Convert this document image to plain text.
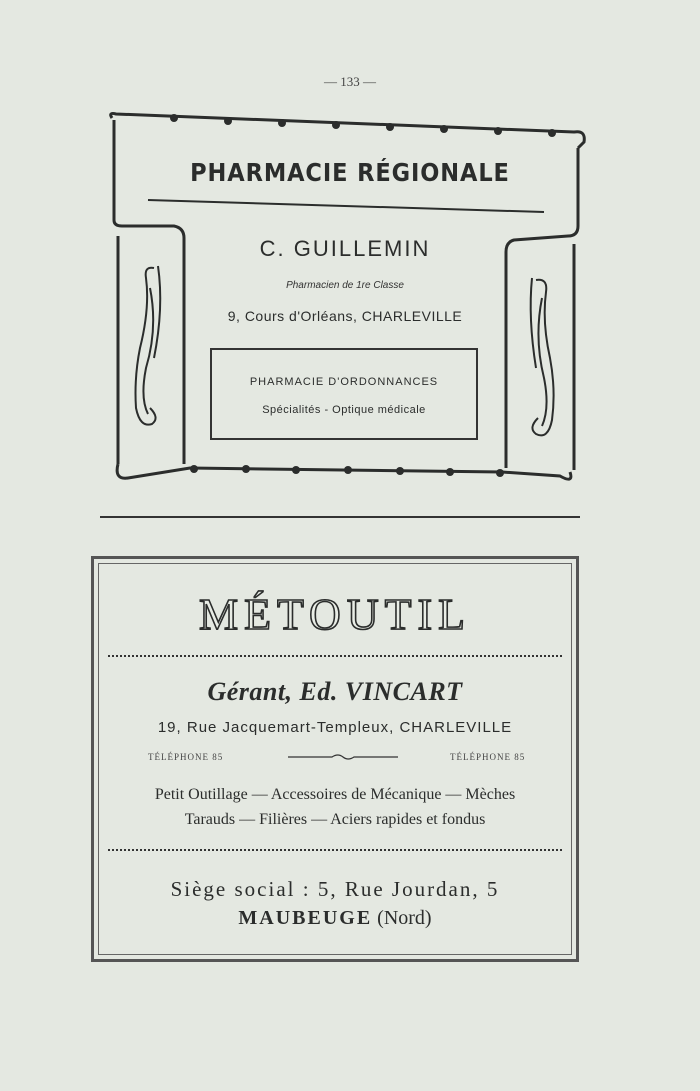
— 133 —
PHARMACIE RÉGIONALE
C. GUILLEMIN
Pharmacien de 1re Classe
9, Cours d'Orléans, CHARLEVILLE
PHARMACIE D'ORDONNANCES
Spécialités - Optique médicale
MÉTOUTIL
Gérant, Ed. VINCART
19, Rue Jacquemart-Templeux, CHARLEVILLE
TÉLÉPHONE 85	TÉLÉPHONE 85
Petit Outillage — Accessoires de Mécanique — Mèches
Tarauds — Filières — Aciers rapides et fondus
Siège social : 5, Rue Jourdan, 5
MAUBEUGE (Nord)
